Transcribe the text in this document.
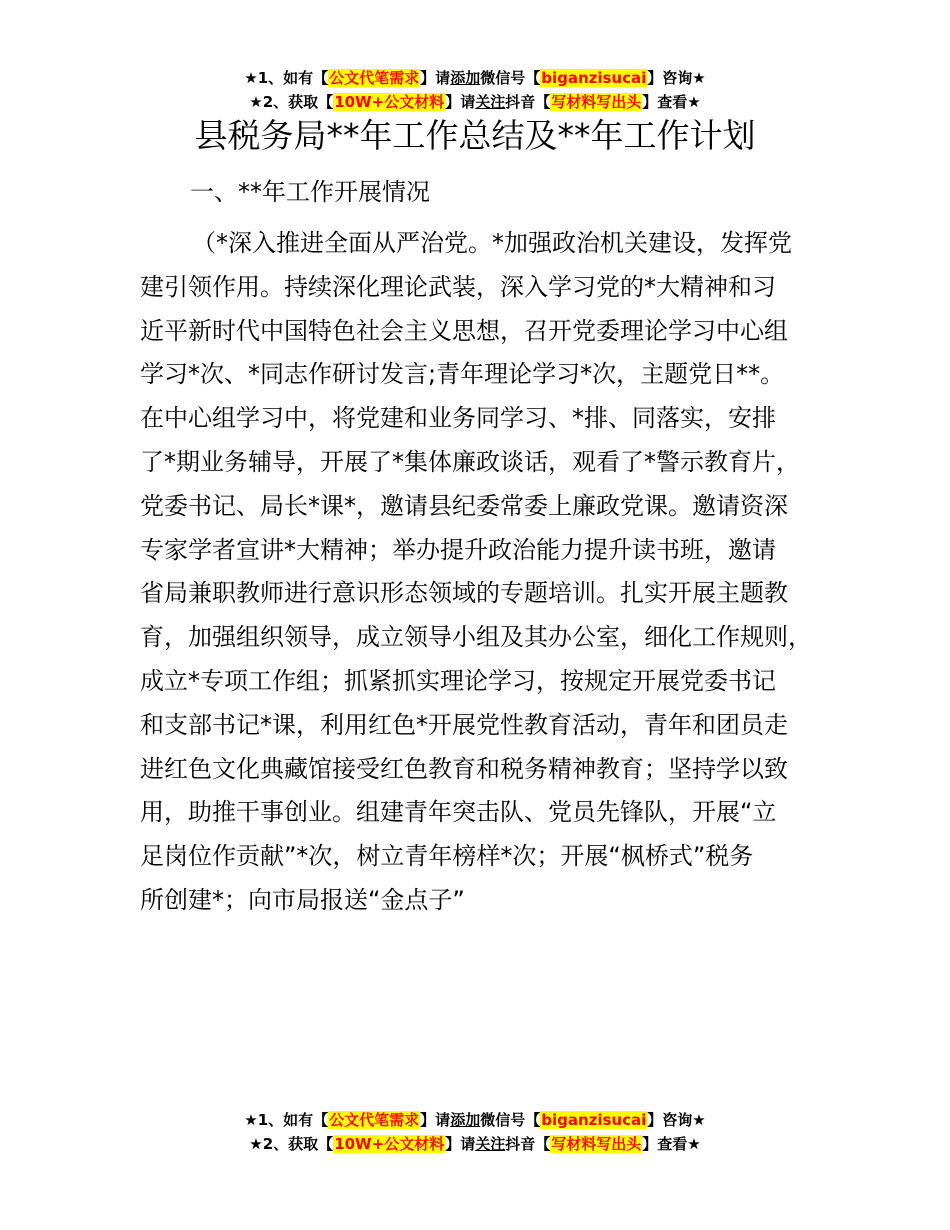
★1、如有【公文代笔需求】请添加微信号【biganzisucai】咨询★
★2、获取【10W+公文材料】请关注抖音【写材料写出头】查看★
县税务局**年工作总结及**年工作计划
一、**年工作开展情况
（*深入推进全面从严治党。*加强政治机关建设，发挥党
建引领作用。持续深化理论武装，深入学习党的*大精神和习
近平新时代中国特色社会主义思想，召开党委理论学习中心组
学习*次、*同志作研讨发言;青年理论学习*次，主题党日**。
在中心组学习中，将党建和业务同学习、*排、同落实，安排
了*期业务辅导，开展了*集体廉政谈话，观看了*警示教育片，
党委书记、局长*课*，邀请县纪委常委上廉政党课。邀请资深
专家学者宣讲*大精神；举办提升政治能力提升读书班，邀请
省局兼职教师进行意识形态领域的专题培训。扎实开展主题教
育，加强组织领导，成立领导小组及其办公室，细化工作规则，
成立*专项工作组；抓紧抓实理论学习，按规定开展党委书记
和支部书记*课，利用红色*开展党性教育活动，青年和团员走
进红色文化典藏馆接受红色教育和税务精神教育；坚持学以致
用，助推干事创业。组建青年突击队、党员先锋队，开展“立
足岗位作贡献”*次，树立青年榜样*次；开展“枫桥式”税务
所创建*；向市局报送“金点子”
★1、如有【公文代笔需求】请添加微信号【biganzisucai】咨询★
★2、获取【10W+公文材料】请关注抖音【写材料写出头】查看★
